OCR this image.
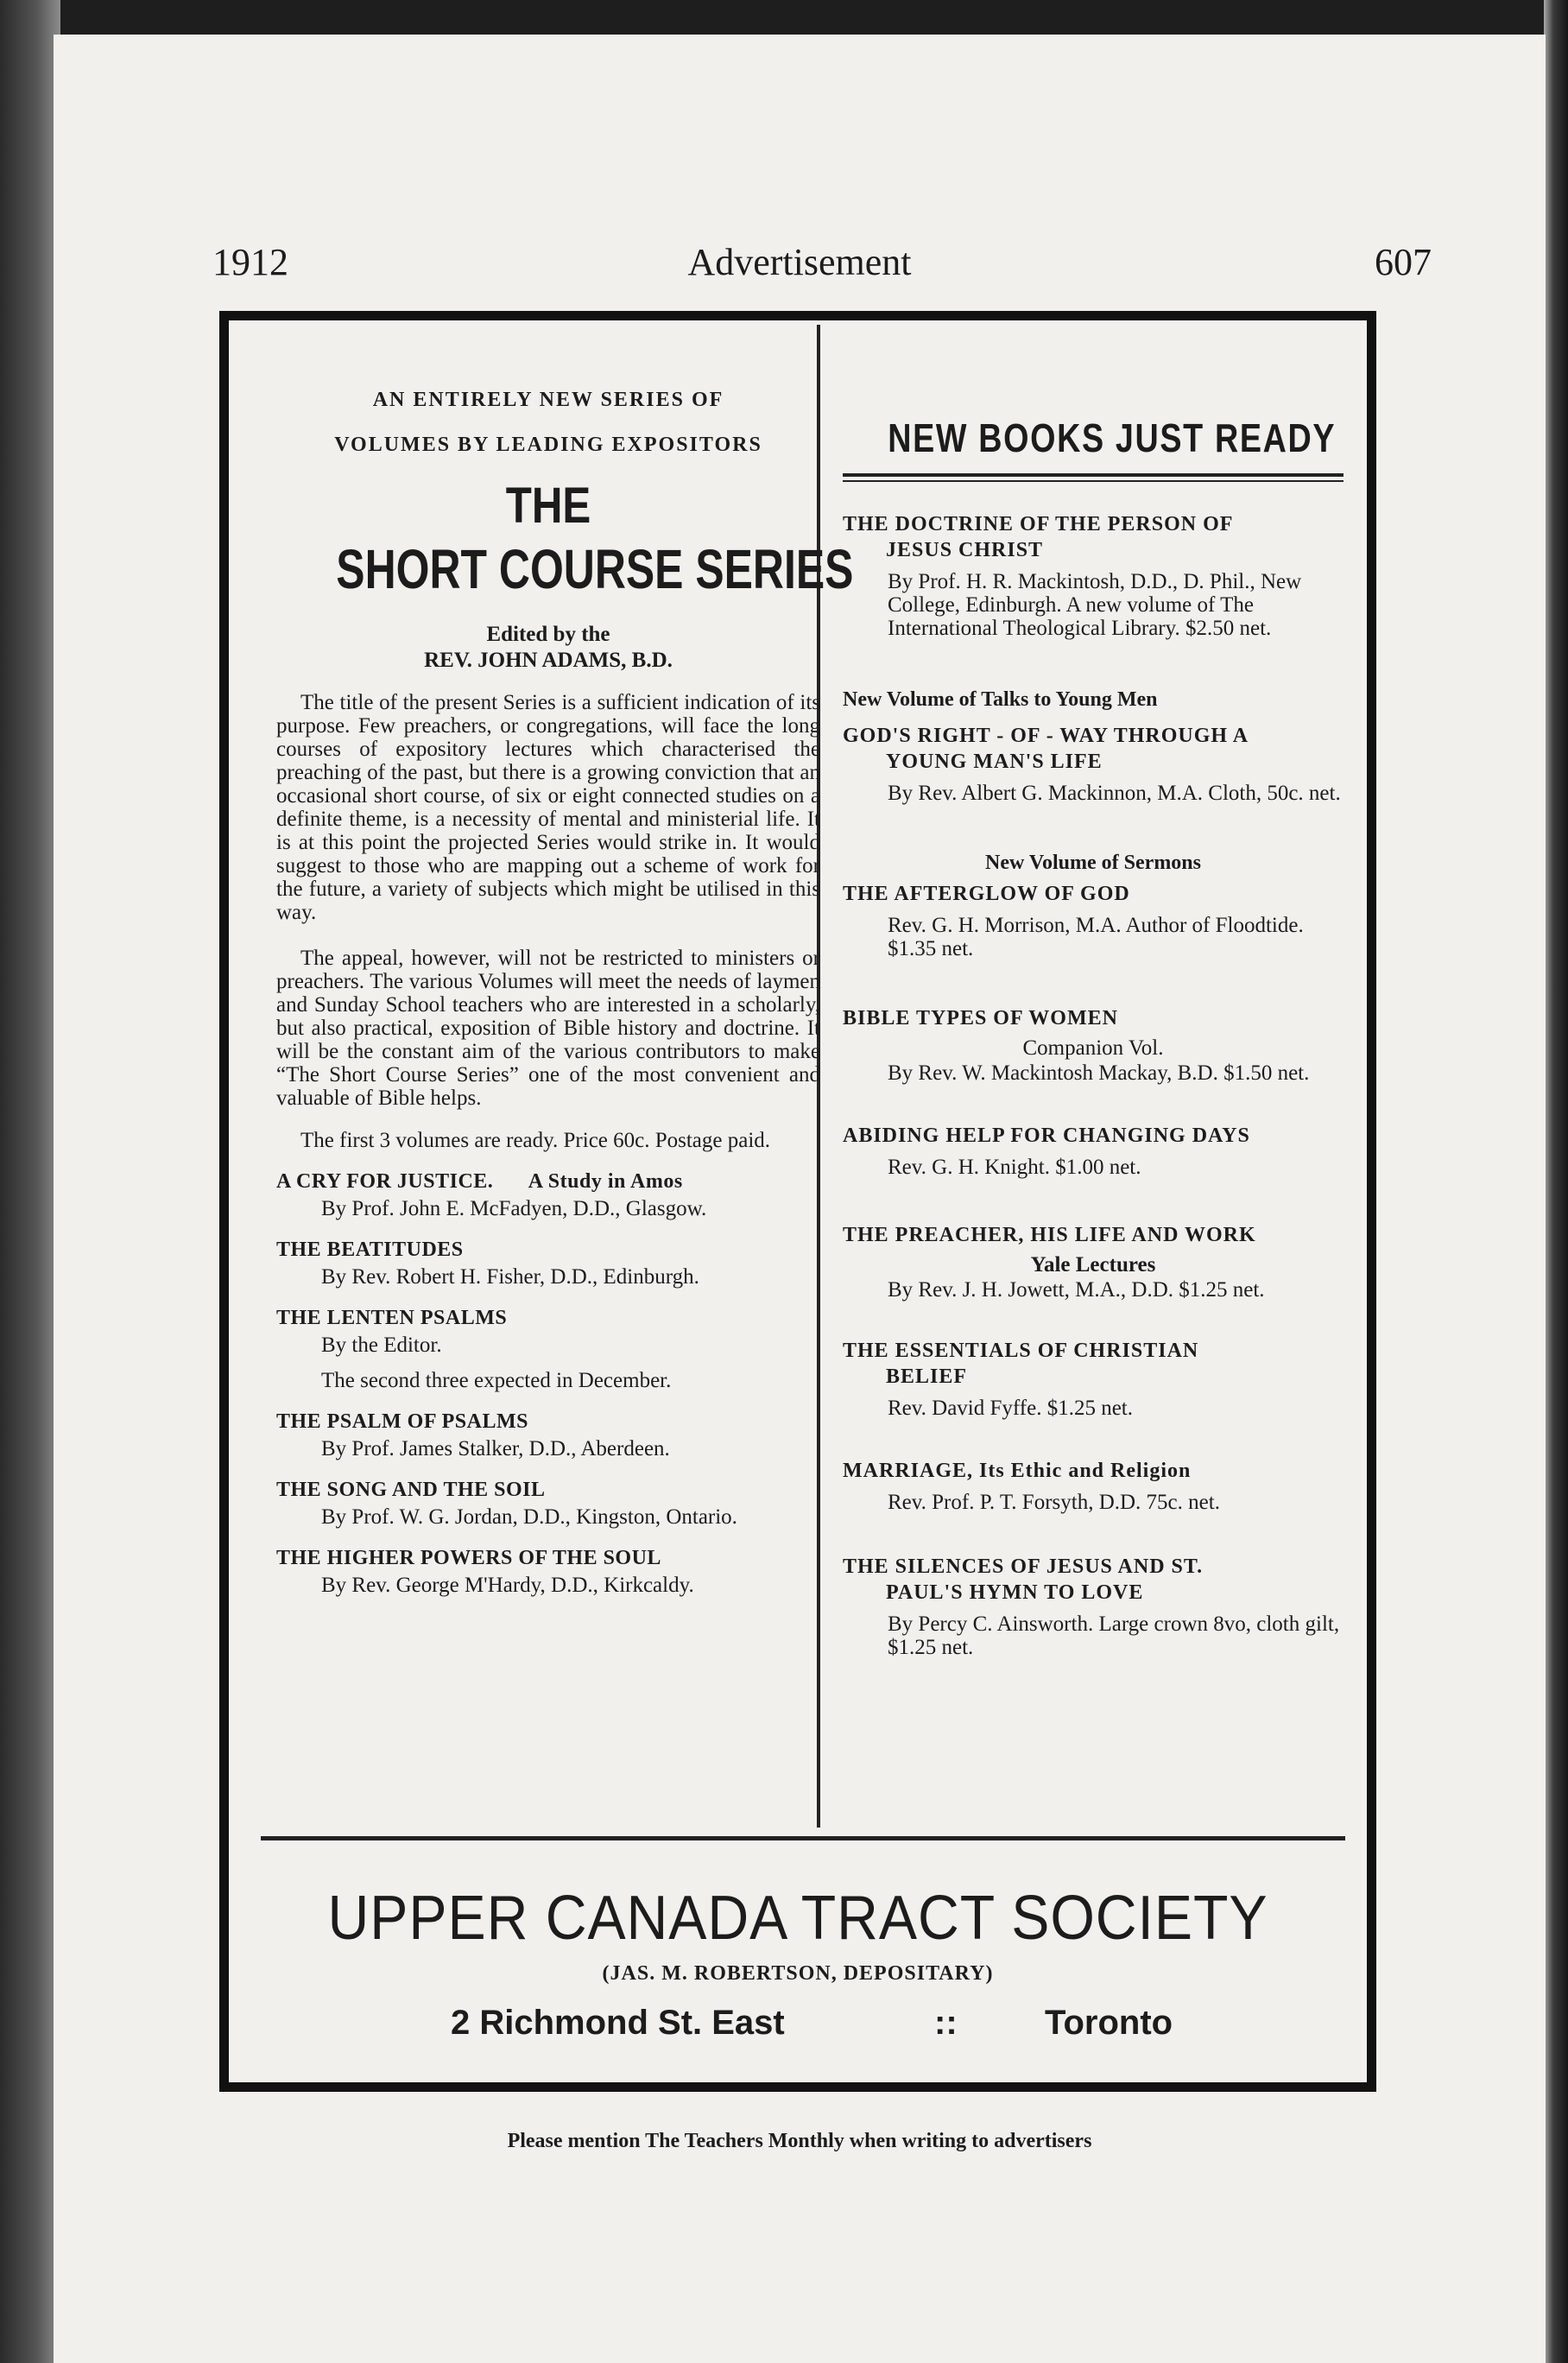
1912	Advertisement	607

AN ENTIRELY NEW SERIES OF

VOLUMES BY LEADING EXPOSITORS

THE
SHORT COURSE SERIES
Edited by the
REV. JOHN ADAMS, B.D.

The title of the present Series is a sufficient indication of its purpose. Few preachers, or congregations, will face the long courses of expository lectures which characterised the preaching of the past, but there is a growing conviction that an occasional short course, of six or eight connected studies on a definite theme, is a necessity of mental and ministerial life. It is at this point the projected Series would strike in. It would suggest to those who are mapping out a scheme of work for the future, a variety of subjects which might be utilised in this way.

The appeal, however, will not be restricted to ministers or preachers. The various Volumes will meet the needs of laymen and Sunday School teachers who are interested in a scholarly, but also practical, exposition of Bible history and doctrine. It will be the constant aim of the various contributors to make “The Short Course Series” one of the most convenient and valuable of Bible helps.

The first 3 volumes are ready. Price 60c. Postage paid.

A CRY FOR JUSTICE. A Study in Amos
By Prof. John E. McFadyen, D.D., Glasgow.
THE BEATITUDES
By Rev. Robert H. Fisher, D.D., Edinburgh.
THE LENTEN PSALMS
By the Editor.
The second three expected in December.
THE PSALM OF PSALMS
By Prof. James Stalker, D.D., Aberdeen.
THE SONG AND THE SOIL
By Prof. W. G. Jordan, D.D., Kingston, Ontario.
THE HIGHER POWERS OF THE SOUL
By Rev. George M'Hardy, D.D., Kirkcaldy.
NEW BOOKS JUST READY
THE DOCTRINE OF THE PERSON OF
JESUS CHRIST
By Prof. H. R. Mackintosh, D.D., D. Phil., New College, Edinburgh. A new volume of The International Theological Library. $2.50 net.
New Volume of Talks to Young Men
GOD'S RIGHT - OF - WAY THROUGH A
YOUNG MAN'S LIFE
By Rev. Albert G. Mackinnon, M.A. Cloth, 50c. net.
New Volume of Sermons
THE AFTERGLOW OF GOD
Rev. G. H. Morrison, M.A. Author of Floodtide. $1.35 net.
BIBLE TYPES OF WOMEN
Companion Vol.
By Rev. W. Mackintosh Mackay, B.D. $1.50 net.
ABIDING HELP FOR CHANGING DAYS
Rev. G. H. Knight. $1.00 net.
THE PREACHER, HIS LIFE AND WORK
Yale Lectures
By Rev. J. H. Jowett, M.A., D.D. $1.25 net.
THE ESSENTIALS OF CHRISTIAN
BELIEF
Rev. David Fyffe. $1.25 net.
MARRIAGE, Its Ethic and Religion
Rev. Prof. P. T. Forsyth, D.D. 75c. net.
THE SILENCES OF JESUS AND ST.
PAUL'S HYMN TO LOVE
By Percy C. Ainsworth. Large crown 8vo, cloth gilt, $1.25 net.
UPPER CANADA TRACT SOCIETY
(JAS. M. ROBERTSON, DEPOSITARY)
2 Richmond St. East	::	Toronto
Please mention The Teachers Monthly when writing to advertisers
